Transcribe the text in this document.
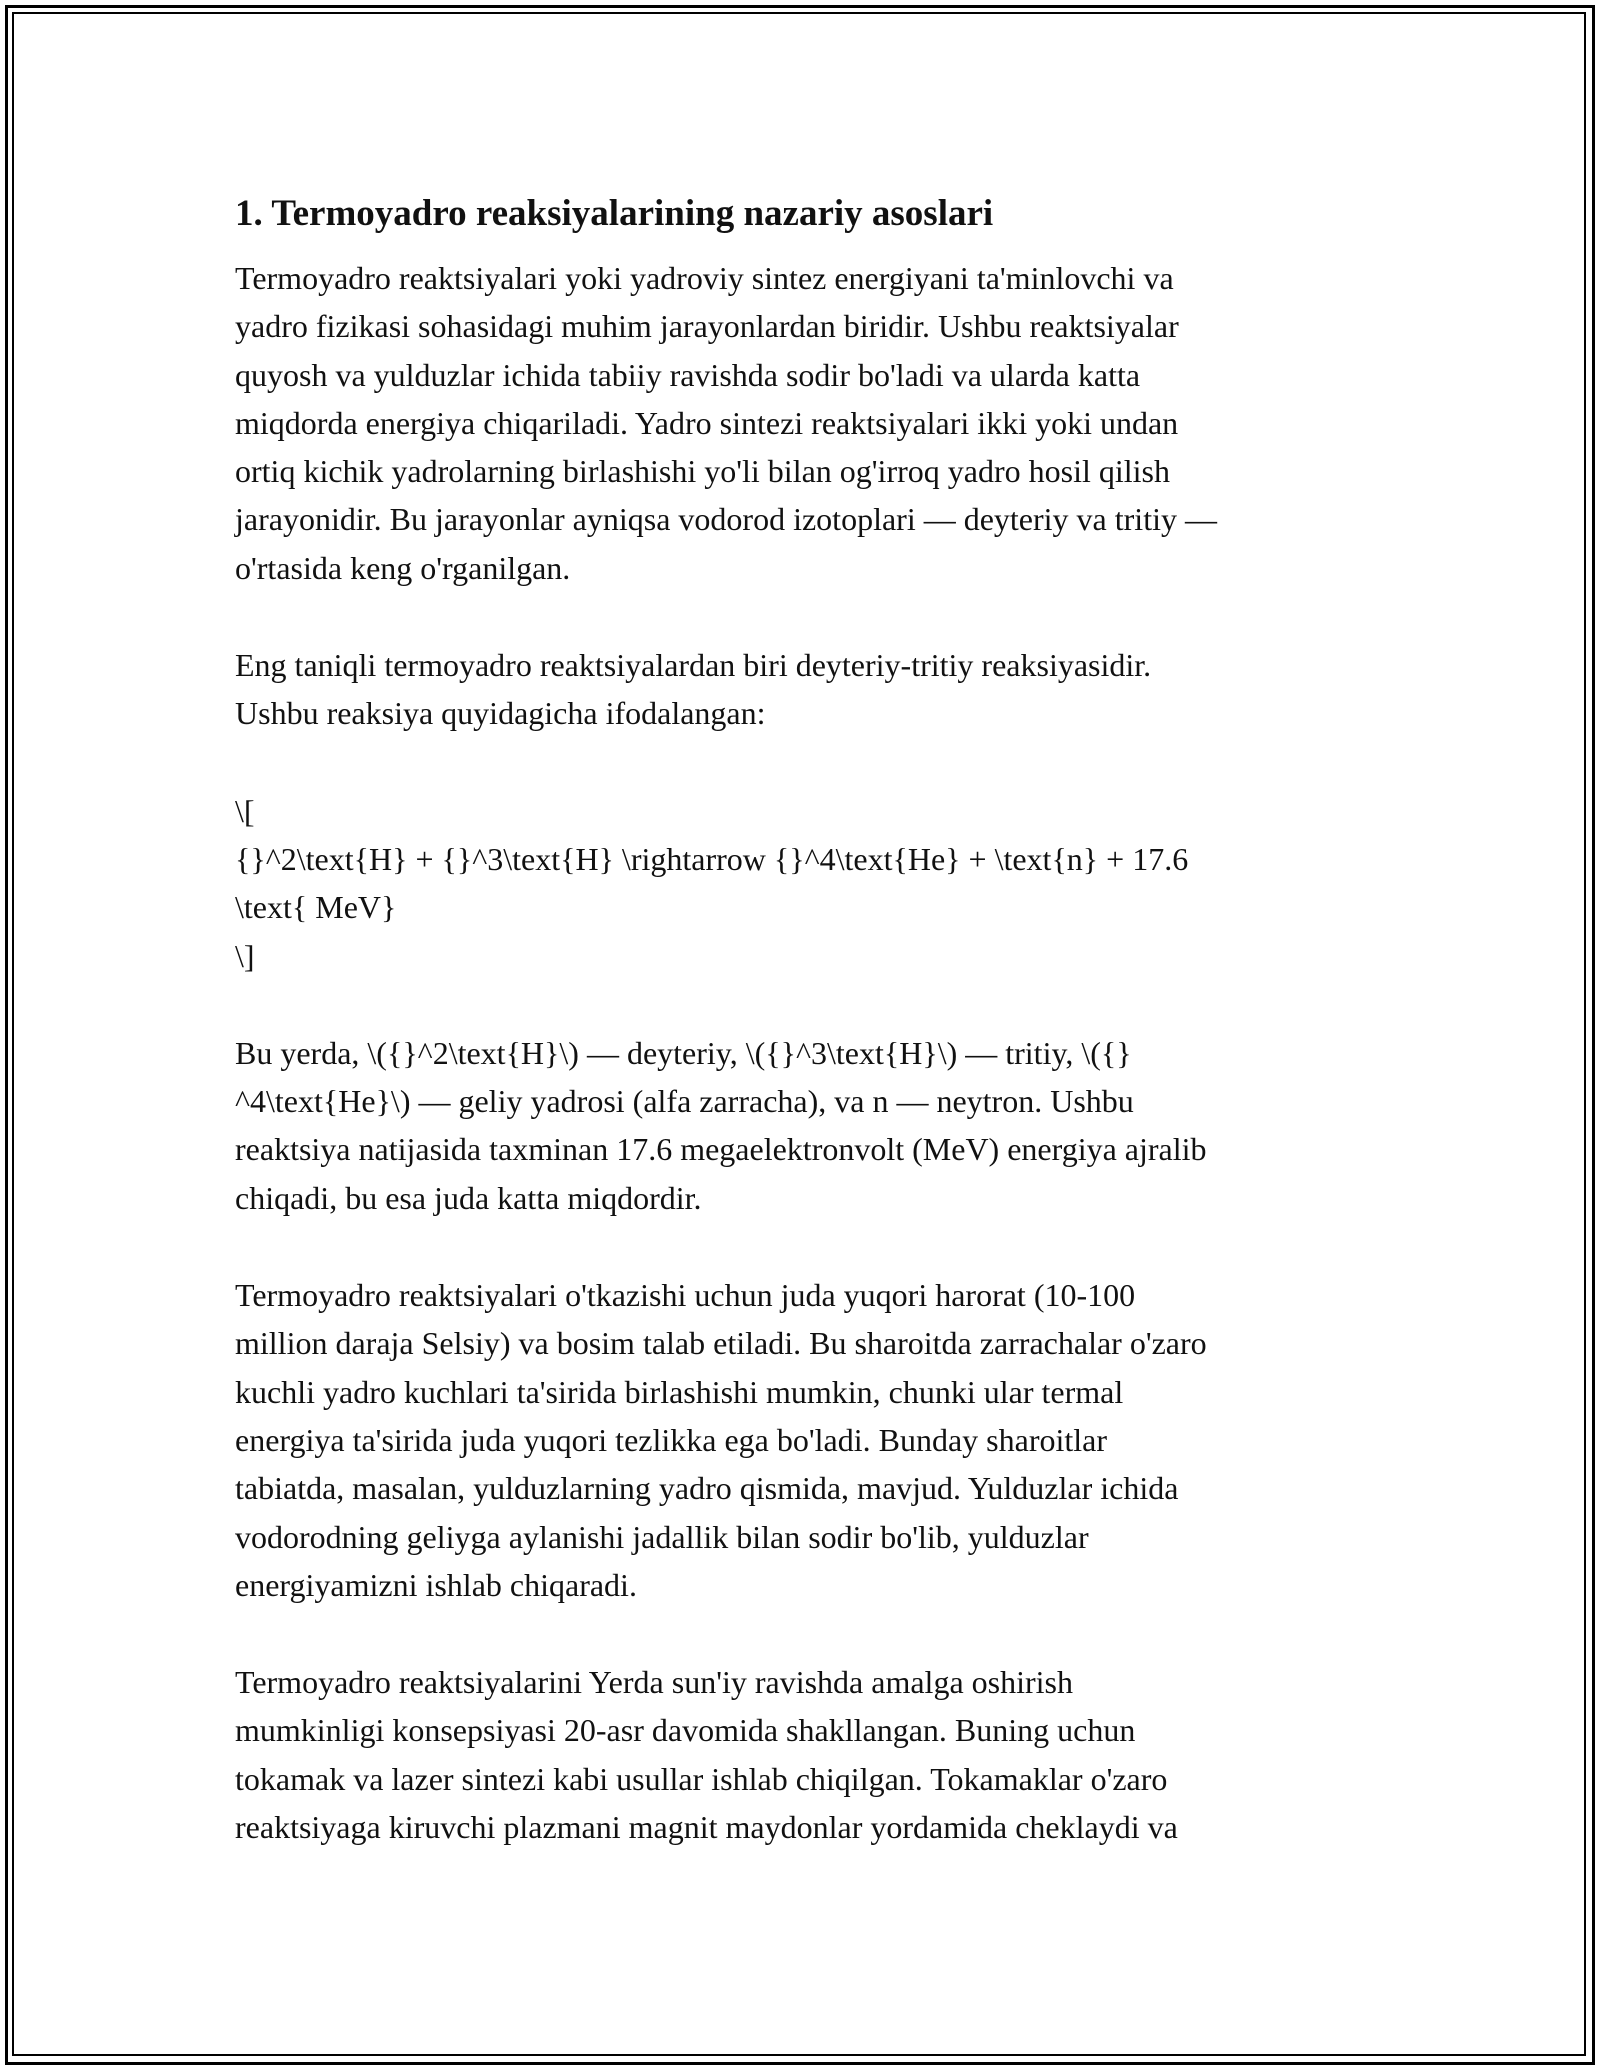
1. Termoyadro reaksiyalarining nazariy asoslari

Termoyadro reaktsiyalari yoki yadroviy sintez energiyani ta'minlovchi va
yadro fizikasi sohasidagi muhim jarayonlardan biridir. Ushbu reaktsiyalar
quyosh va yulduzlar ichida tabiiy ravishda sodir bo'ladi va ularda katta
miqdorda energiya chiqariladi. Yadro sintezi reaktsiyalari ikki yoki undan
ortiq kichik yadrolarning birlashishi yo'li bilan og'irroq yadro hosil qilish
jarayonidir. Bu jarayonlar ayniqsa vodorod izotoplari — deyteriy va tritiy —
o'rtasida keng o'rganilgan.

Eng taniqli termoyadro reaktsiyalardan biri deyteriy-tritiy reaksiyasidir.
Ushbu reaksiya quyidagicha ifodalangan:

\[
{}^2\text{H} + {}^3\text{H} \rightarrow {}^4\text{He} + \text{n} + 17.6
\text{ MeV}
\]

Bu yerda, \({}^2\text{H}\) — deyteriy, \({}^3\text{H}\) — tritiy, \({}
^4\text{He}\) — geliy yadrosi (alfa zarracha), va n — neytron. Ushbu
reaktsiya natijasida taxminan 17.6 megaelektronvolt (MeV) energiya ajralib
chiqadi, bu esa juda katta miqdordir.

Termoyadro reaktsiyalari o'tkazishi uchun juda yuqori harorat (10-100
million daraja Selsiy) va bosim talab etiladi. Bu sharoitda zarrachalar o'zaro
kuchli yadro kuchlari ta'sirida birlashishi mumkin, chunki ular termal
energiya ta'sirida juda yuqori tezlikka ega bo'ladi. Bunday sharoitlar
tabiatda, masalan, yulduzlarning yadro qismida, mavjud. Yulduzlar ichida
vodorodning geliyga aylanishi jadallik bilan sodir bo'lib, yulduzlar
energiyamizni ishlab chiqaradi.

Termoyadro reaktsiyalarini Yerda sun'iy ravishda amalga oshirish
mumkinligi konsepsiyasi 20-asr davomida shakllangan. Buning uchun
tokamak va lazer sintezi kabi usullar ishlab chiqilgan. Tokamaklar o'zaro
reaktsiyaga kiruvchi plazmani magnit maydonlar yordamida cheklaydi va
